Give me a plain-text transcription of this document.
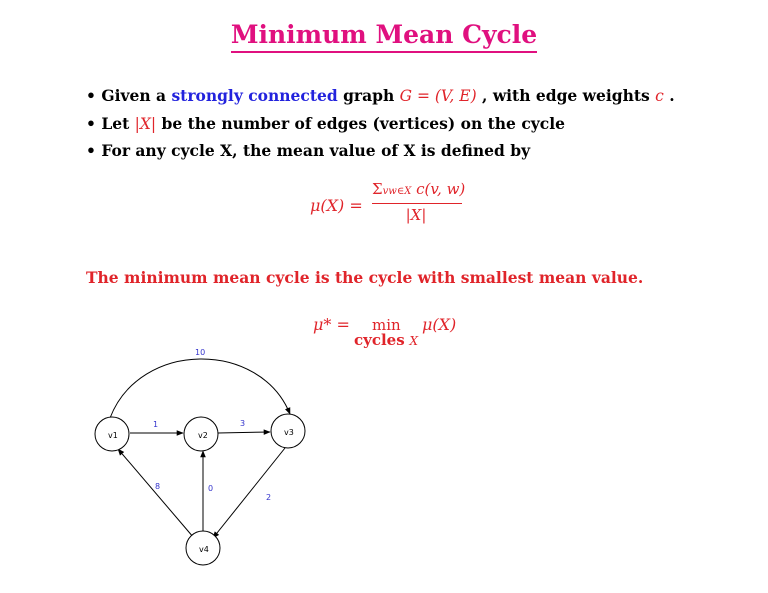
Minimum Mean Cycle
• Given a strongly connected graph G = (V, E) , with edge weights c .
• Let |X| be the number of edges (vertices) on the cycle
• For any cycle X, the mean value of X is defined by
μ(X) =
Σvw∈X c(v, w)
|X|
The minimum mean cycle is the cycle with smallest mean value.
μ* = min μ(X)
cycles X
v1	v2	v3
v4
1	3
10
8	0
2
